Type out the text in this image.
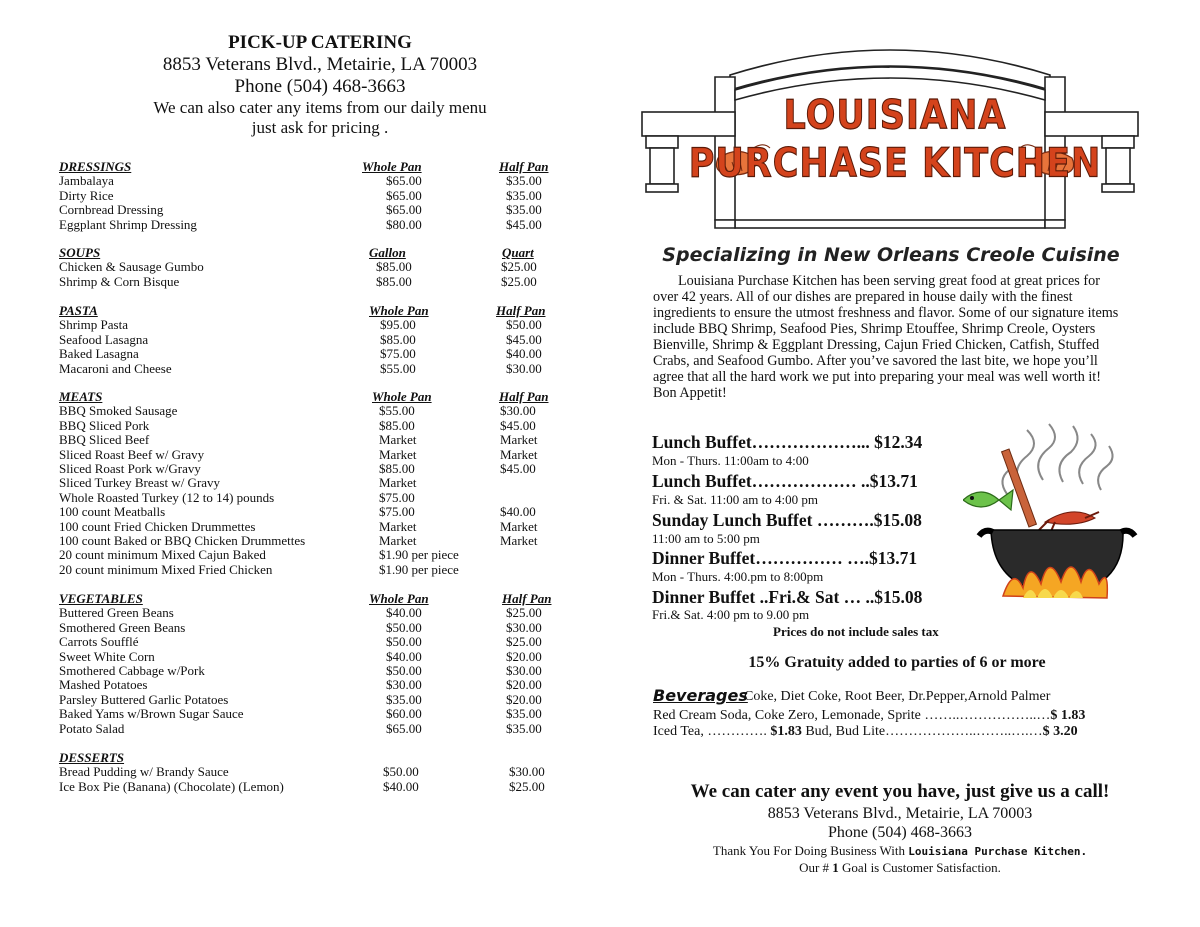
PICK-UP CATERING
8853 Veterans Blvd., Metairie, LA 70003
Phone (504) 468-3663
We can also cater any items from our daily menu
just ask for pricing .
DRESSINGS	Whole Pan	Half Pan
Jambalaya	$65.00	$35.00
Dirty Rice	$65.00	$35.00
Cornbread Dressing	$65.00	$35.00
Eggplant Shrimp Dressing	$80.00	$45.00
SOUPS	Gallon	Quart
Chicken & Sausage Gumbo	$85.00	$25.00
Shrimp & Corn Bisque	$85.00	$25.00
PASTA	Whole Pan	Half Pan
Shrimp Pasta	$95.00	$50.00
Seafood Lasagna	$85.00	$45.00
Baked Lasagna	$75.00	$40.00
Macaroni and Cheese	$55.00	$30.00
MEATS	Whole Pan	Half Pan
BBQ Smoked Sausage	$55.00	$30.00
BBQ Sliced Pork	$85.00	$45.00
BBQ Sliced Beef	Market	Market
Sliced Roast Beef w/ Gravy	Market	Market
Sliced Roast Pork w/Gravy	$85.00	$45.00
Sliced Turkey Breast w/ Gravy	Market
Whole Roasted Turkey (12 to 14) pounds	$75.00
100 count Meatballs	$75.00	$40.00
100 count Fried Chicken Drummettes	Market	Market
100 count Baked or BBQ Chicken Drummettes	Market	Market
20 count minimum Mixed Cajun Baked	$1.90 per piece
20 count minimum Mixed Fried Chicken	$1.90 per piece
VEGETABLES	Whole Pan	Half Pan
Buttered Green Beans	$40.00	$25.00
Smothered Green Beans	$50.00	$30.00
Carrots Soufflé	$50.00	$25.00
Sweet White Corn	$40.00	$20.00
Smothered Cabbage w/Pork	$50.00	$30.00
Mashed Potatoes	$30.00	$20.00
Parsley Buttered Garlic Potatoes	$35.00	$20.00
Baked Yams w/Brown Sugar Sauce	$60.00	$35.00
Potato Salad	$65.00	$35.00
DESSERTS
Bread Pudding w/ Brandy Sauce	$50.00	$30.00
Ice Box Pie (Banana) (Chocolate) (Lemon)	$40.00	$25.00
LOUISIANA
PURCHASE KITCHEN
Specializing in New Orleans Creole Cuisine
Louisiana Purchase Kitchen has been serving great food at great prices for over 42 years. All of our dishes are prepared in house daily with the finest ingredients to ensure the utmost freshness and flavor. Some of our signature items include BBQ Shrimp, Seafood Pies, Shrimp Etouffee, Shrimp Creole, Oysters Bienville, Shrimp & Eggplant Dressing, Cajun Fried Chicken, Catfish, Stuffed Crabs, and Seafood Gumbo. After you’ve savored the last bite, we hope you’ll agree that all the hard work we put into preparing your meal was well worth it! Bon Appetit!
Lunch Buffet………………... $12.34
Mon - Thurs. 11:00am to 4:00
Lunch Buffet……………… ..$13.71
Fri. & Sat. 11:00 am to 4:00 pm
Sunday Lunch Buffet ……….$15.08
11:00 am to 5:00 pm
Dinner Buffet…………… ….$13.71
Mon - Thurs. 4:00.pm to 8:00pm
Dinner Buffet ..Fri.& Sat … ..$15.08
Fri.& Sat. 4:00 pm to 9.00 pm
Prices do not include sales tax
15% Gratuity added to parties of 6 or more
Beverages
Coke, Diet Coke, Root Beer, Dr.Pepper,Arnold Palmer
Red Cream Soda, Coke Zero, Lemonade, Sprite ……..……………..…$ 1.83
Iced Tea, …………. $1.83 Bud, Bud Lite………………..……..….…$ 3.20
We can cater any event you have, just give us a call!
8853 Veterans Blvd., Metairie, LA 70003
Phone (504) 468-3663
Thank You For Doing Business With Louisiana Purchase Kitchen.
Our # 1 Goal is Customer Satisfaction.
